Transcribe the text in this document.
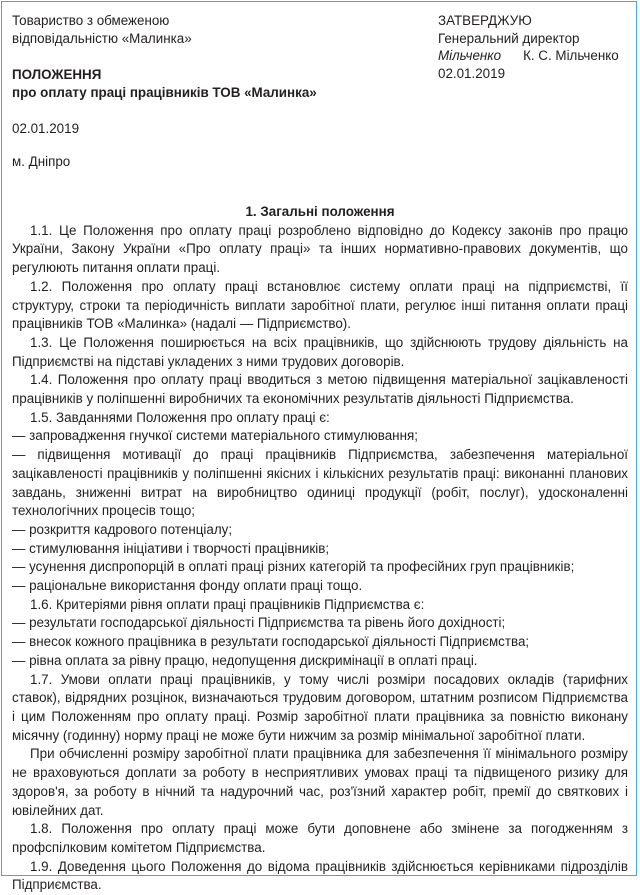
Товариство з обмеженою
відповідальністю «Малинка»
ЗАТВЕРДЖУЮ
Генеральний директор
Мільченко К. С. Мільченко
02.01.2019
ПОЛОЖЕННЯ
про оплату праці працівників ТОВ «Малинка»
02.01.2019
м. Дніпро
1. Загальні положення

1.1. Це Положення про оплату праці розроблено відповідно до Кодексу законів про працю України, Закону України «Про оплату праці» та інших нормативно-правових документів, що регулюють питання оплати праці.

1.2. Положення про оплату праці встановлює систему оплати праці на підприємстві, її структуру, строки та періодичність виплати заробітної плати, регулює інші питання оплати праці працівників ТОВ «Малинка» (надалі — Підприємство).

1.3. Це Положення поширюється на всіх працівників, що здійснюють трудову діяльність на Підприємстві на підставі укладених з ними трудових договорів.

1.4. Положення про оплату праці вводиться з метою підвищення матеріальної зацікавленості працівників у поліпшенні виробничих та економічних результатів діяльності Підприємства.

1.5. Завданнями Положення про оплату праці є:

— запровадження гнучкої системи матеріального стимулювання;

— підвищення мотивації до праці працівників Підприємства, забезпечення матеріальної зацікавленості працівників у поліпшенні якісних і кількісних результатів праці: виконанні планових завдань, зниженні витрат на виробництво одиниці продукції (робіт, послуг), удосконаленні технологічних процесів тощо;

— розкриття кадрового потенціалу;

— стимулювання ініціативи і творчості працівників;

— усунення диспропорцій в оплаті праці різних категорій та професійних груп працівників;

— раціональне використання фонду оплати праці тощо.

1.6. Критеріями рівня оплати праці працівників Підприємства є:

— результати господарської діяльності Підприємства та рівень його дохідності;

— внесок кожного працівника в результати господарської діяльності Підприємства;

— рівна оплата за рівну працю, недопущення дискримінації в оплаті праці.

1.7. Умови оплати праці працівників, у тому числі розміри посадових окладів (тарифних ставок), відрядних розцінок, визначаються трудовим договором, штатним розписом Підприємства і цим Положенням про оплату праці. Розмір заробітної плати працівника за повністю виконану місячну (годинну) норму праці не може бути нижчим за розмір мінімальної заробітної плати.

При обчисленні розміру заробітної плати працівника для забезпечення її мінімального розміру не враховуються доплати за роботу в несприятливих умовах праці та підвищеного ризику для здоров'я, за роботу в нічний та надурочний час, роз'їзний характер робіт, премії до святкових і ювілейних дат.

1.8. Положення про оплату праці може бути доповнене або змінене за погодженням з профспілковим комітетом Підприємства.

1.9. Доведення цього Положення до відома працівників здійснюється керівниками підрозділів Підприємства.
